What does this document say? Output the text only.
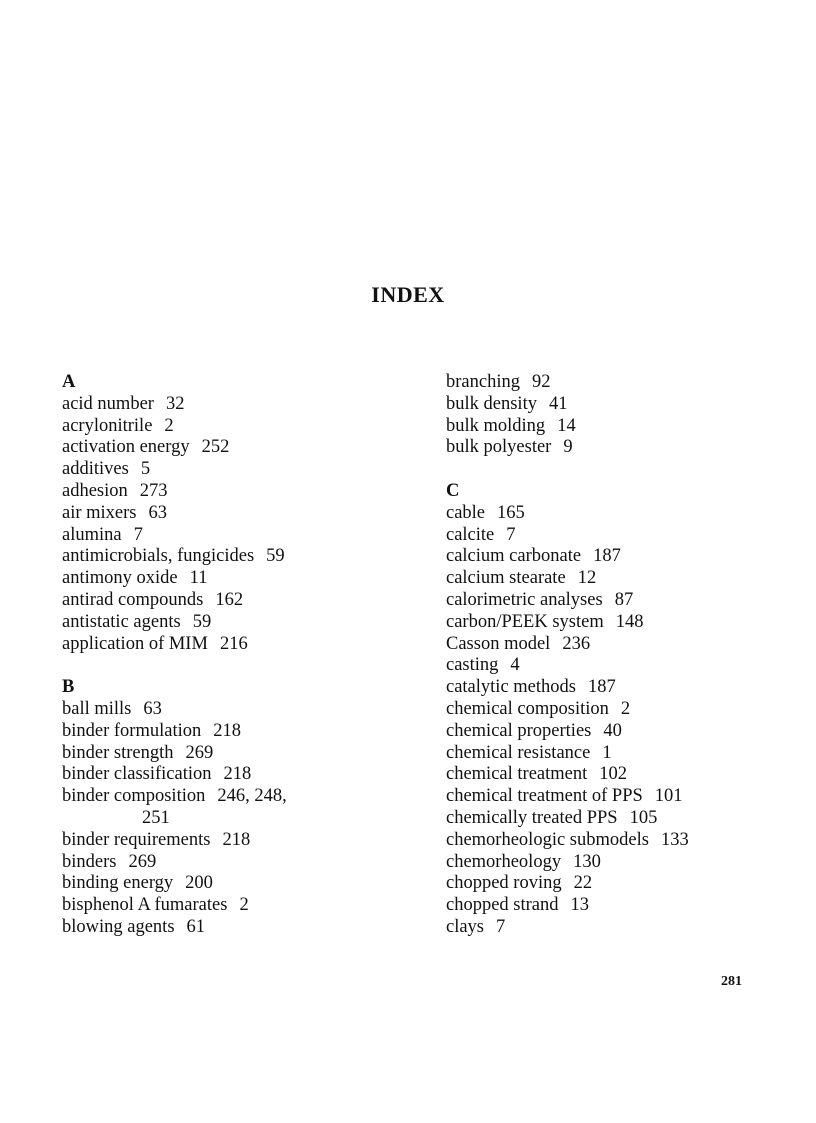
INDEX
A
acid number 32
acrylonitrile 2
activation energy 252
additives 5
adhesion 273
air mixers 63
alumina 7
antimicrobials, fungicides 59
antimony oxide 11
antirad compounds 162
antistatic agents 59
application of MIM 216
B
ball mills 63
binder formulation 218
binder strength 269
binder classification 218
binder composition 246, 248,
251
binder requirements 218
binders 269
binding energy 200
bisphenol A fumarates 2
blowing agents 61
branching 92
bulk density 41
bulk molding 14
bulk polyester 9
C
cable 165
calcite 7
calcium carbonate 187
calcium stearate 12
calorimetric analyses 87
carbon/PEEK system 148
Casson model 236
casting 4
catalytic methods 187
chemical composition 2
chemical properties 40
chemical resistance 1
chemical treatment 102
chemical treatment of PPS 101
chemically treated PPS 105
chemorheologic submodels 133
chemorheology 130
chopped roving 22
chopped strand 13
clays 7
281
